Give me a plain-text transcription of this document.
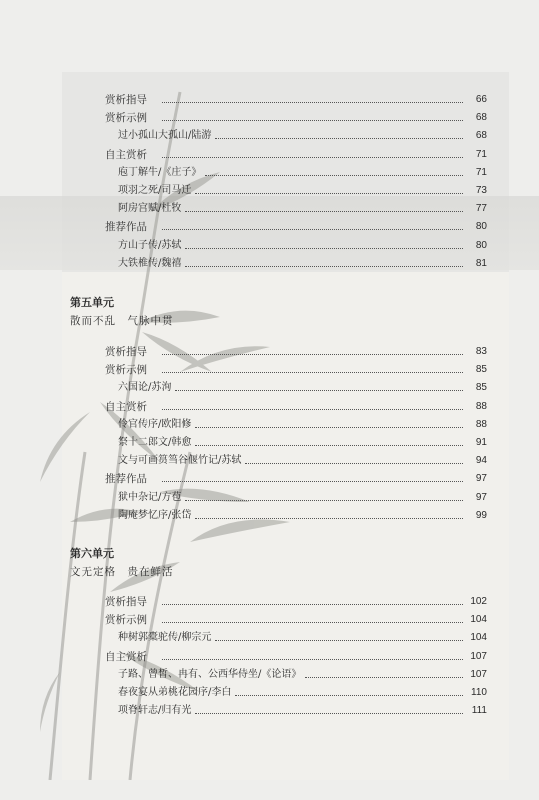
赏析指导	66
赏析示例	68
过小孤山大孤山/陆游	68
自主赏析	71
庖丁解牛/《庄子》	71
项羽之死/司马迁	73
阿房宫赋/杜牧	77
推荐作品	80
方山子传/苏轼	80
大铁椎传/魏禧	81
第五单元
散而不乱　气脉中贯
赏析指导	83
赏析示例	85
六国论/苏洵	85
自主赏析	88
伶官传序/欧阳修	88
祭十二郎文/韩愈	91
文与可画筼筜谷偃竹记/苏轼	94
推荐作品	97
狱中杂记/方苞	97
陶庵梦忆序/张岱	99
第六单元
文无定格　贵在鲜活
赏析指导	102
赏析示例	104
种树郭橐驼传/柳宗元	104
自主赏析	107
子路、曾皙、冉有、公西华侍坐/《论语》	107
春夜宴从弟桃花园序/李白	110
项脊轩志/归有光	111
